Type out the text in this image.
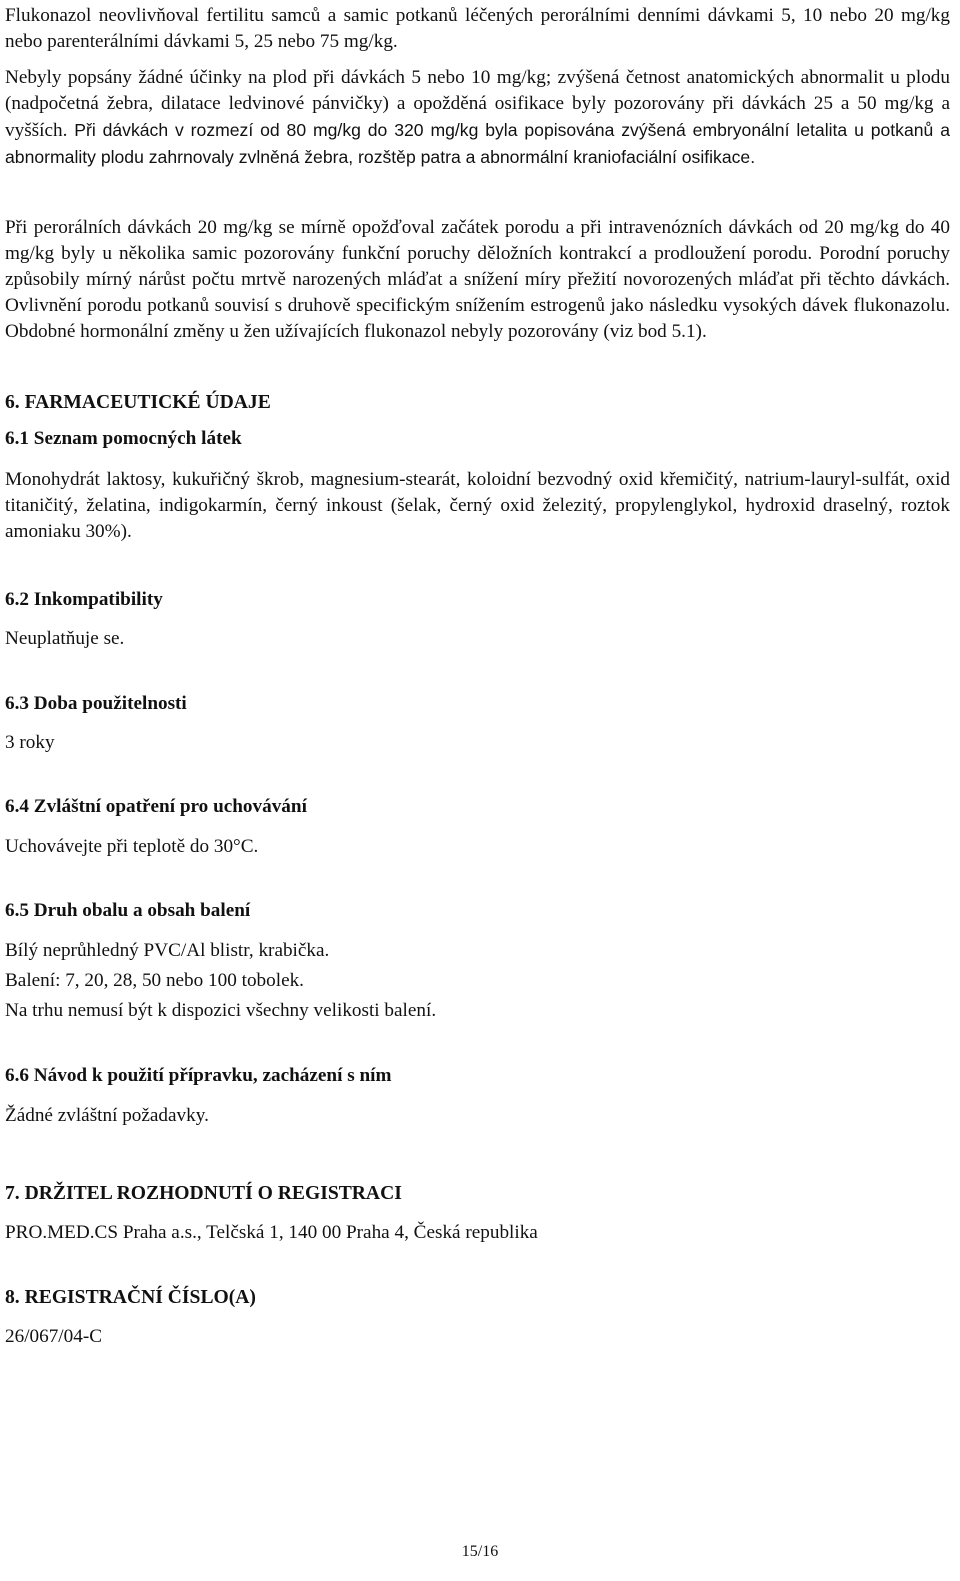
Flukonazol neovlivňoval fertilitu samců a samic potkanů léčených perorálními denními dávkami 5, 10 nebo 20 mg/kg nebo parenterálními dávkami 5, 25 nebo 75 mg/kg.

Nebyly popsány žádné účinky na plod při dávkách 5 nebo 10 mg/kg; zvýšená četnost anatomických abnormalit u plodu (nadpočetná žebra, dilatace ledvinové pánvičky) a opožděná osifikace byly pozorovány při dávkách 25 a 50 mg/kg a vyšších. Při dávkách v rozmezí od 80 mg/kg do 320 mg/kg byla popisována zvýšená embryonální letalita u potkanů a abnormality plodu zahrnovaly zvlněná žebra, rozštěp patra a abnormální kraniofaciální osifikace.

Při perorálních dávkách 20 mg/kg se mírně opožďoval začátek porodu a při intravenózních dávkách od 20 mg/kg do 40 mg/kg byly u několika samic pozorovány funkční poruchy děložních kontrakcí a prodloužení porodu. Porodní poruchy způsobily mírný nárůst počtu mrtvě narozených mláďat a snížení míry přežití novorozených mláďat při těchto dávkách. Ovlivnění porodu potkanů souvisí s druhově specifickým snížením estrogenů jako následku vysokých dávek flukonazolu. Obdobné hormonální změny u žen užívajících flukonazol nebyly pozorovány (viz bod 5.1).

6. FARMACEUTICKÉ ÚDAJE
6.1 Seznam pomocných látek

Monohydrát laktosy, kukuřičný škrob, magnesium-stearát, koloidní bezvodný oxid křemičitý, natrium-lauryl-sulfát, oxid titaničitý, želatina, indigokarmín, černý inkoust (šelak, černý oxid železitý, propylenglykol, hydroxid draselný, roztok amoniaku 30%).

6.2 Inkompatibility

Neuplatňuje se.

6.3 Doba použitelnosti

3 roky

6.4 Zvláštní opatření pro uchovávání

Uchovávejte při teplotě do 30°C.

6.5 Druh obalu a obsah balení

Bílý neprůhledný PVC/Al blistr, krabička.

Balení: 7, 20, 28, 50 nebo 100 tobolek.

Na trhu nemusí být k dispozici všechny velikosti balení.

6.6 Návod k použití přípravku, zacházení s ním

Žádné zvláštní požadavky.

7. DRŽITEL ROZHODNUTÍ O REGISTRACI

PRO.MED.CS Praha a.s., Telčská 1, 140 00 Praha 4, Česká republika

8. REGISTRAČNÍ ČÍSLO(A)

26/067/04-C

15/16
